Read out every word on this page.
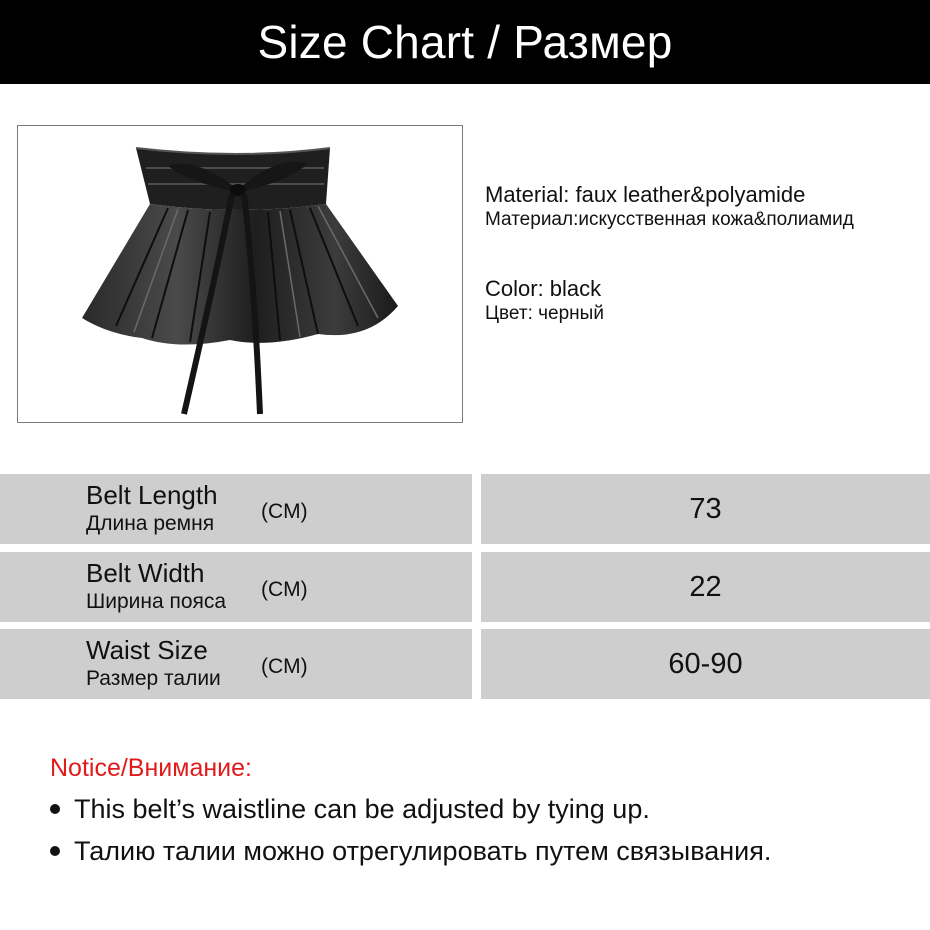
Size Chart / Размер
Material: faux leather&polyamide
Материал:искусственная кожа&полиамид
Color: black
Цвет: черный
Belt Length
Длина ремня
(CM)	73
Belt Width
Ширина пояса
(CM)	22
Waist Size
Размер талии
(CM)	60-90
Notice/Внимание:
This belt’s waistline can be adjusted by tying up.
Талию талии можно отрегулировать путем связывания.
